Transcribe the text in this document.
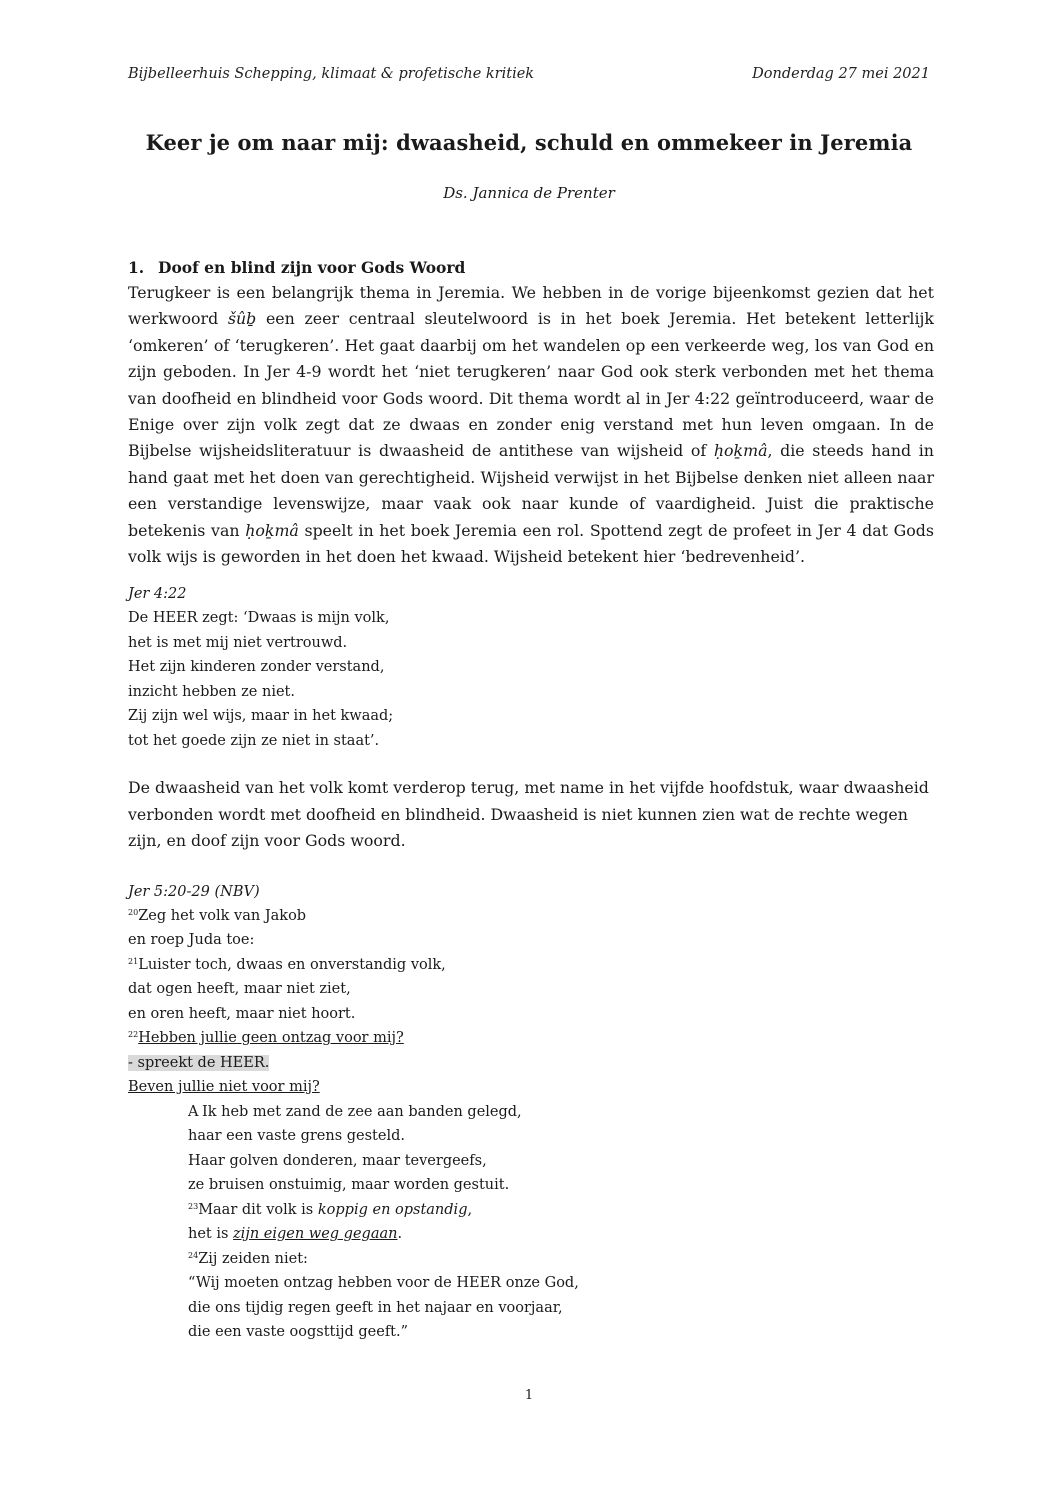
Bijbelleerhuis Schepping, klimaat & profetische kritiek	Donderdag 27 mei 2021
Keer je om naar mij: dwaasheid, schuld en ommekeer in Jeremia
Ds. Jannica de Prenter
1. Doof en blind zijn voor Gods Woord

Terugkeer is een belangrijk thema in Jeremia. We hebben in de vorige bijeenkomst gezien dat het werkwoord šûḇ een zeer centraal sleutelwoord is in het boek Jeremia. Het betekent letterlijk ‘omkeren’ of ‘terugkeren’. Het gaat daarbij om het wandelen op een verkeerde weg, los van God en zijn geboden. In Jer 4-9 wordt het ‘niet terugkeren’ naar God ook sterk verbonden met het thema van doofheid en blindheid voor Gods woord. Dit thema wordt al in Jer 4:22 geïntroduceerd, waar de Enige over zijn volk zegt dat ze dwaas en zonder enig verstand met hun leven omgaan. In de Bijbelse wijsheidsliteratuur is dwaasheid de antithese van wijsheid of ḥoḵmâ, die steeds hand in hand gaat met het doen van gerechtigheid. Wijsheid verwijst in het Bijbelse denken niet alleen naar een verstandige levenswijze, maar vaak ook naar kunde of vaardigheid. Juist die praktische betekenis van ḥoḵmâ speelt in het boek Jeremia een rol. Spottend zegt de profeet in Jer 4 dat Gods volk wijs is geworden in het doen het kwaad. Wijsheid betekent hier ‘bedrevenheid’.

Jer 4:22
De HEER zegt: ‘Dwaas is mijn volk,
het is met mij niet vertrouwd.
Het zijn kinderen zonder verstand,
inzicht hebben ze niet.
Zij zijn wel wijs, maar in het kwaad;
tot het goede zijn ze niet in staat’.

De dwaasheid van het volk komt verderop terug, met name in het vijfde hoofdstuk, waar dwaasheid verbonden wordt met doofheid en blindheid. Dwaasheid is niet kunnen zien wat de rechte wegen zijn, en doof zijn voor Gods woord.

Jer 5:20-29 (NBV)
$^{20}$Zeg het volk van Jakob
en roep Juda toe:
$^{21}$Luister toch, dwaas en onverstandig volk,
dat ogen heeft, maar niet ziet,
en oren heeft, maar niet hoort.
$^{22}$Hebben jullie geen ontzag voor mij?
- spreekt de HEER.
Beven jullie niet voor mij?
A Ik heb met zand de zee aan banden gelegd,
haar een vaste grens gesteld.
Haar golven donderen, maar tevergeefs,
ze bruisen onstuimig, maar worden gestuit.
$^{23}$Maar dit volk is koppig en opstandig,
het is zijn eigen weg gegaan.
$^{24}$Zij zeiden niet:
“Wij moeten ontzag hebben voor de HEER onze God,
die ons tijdig regen geeft in het najaar en voorjaar,
die een vaste oogsttijd geeft.”
1
